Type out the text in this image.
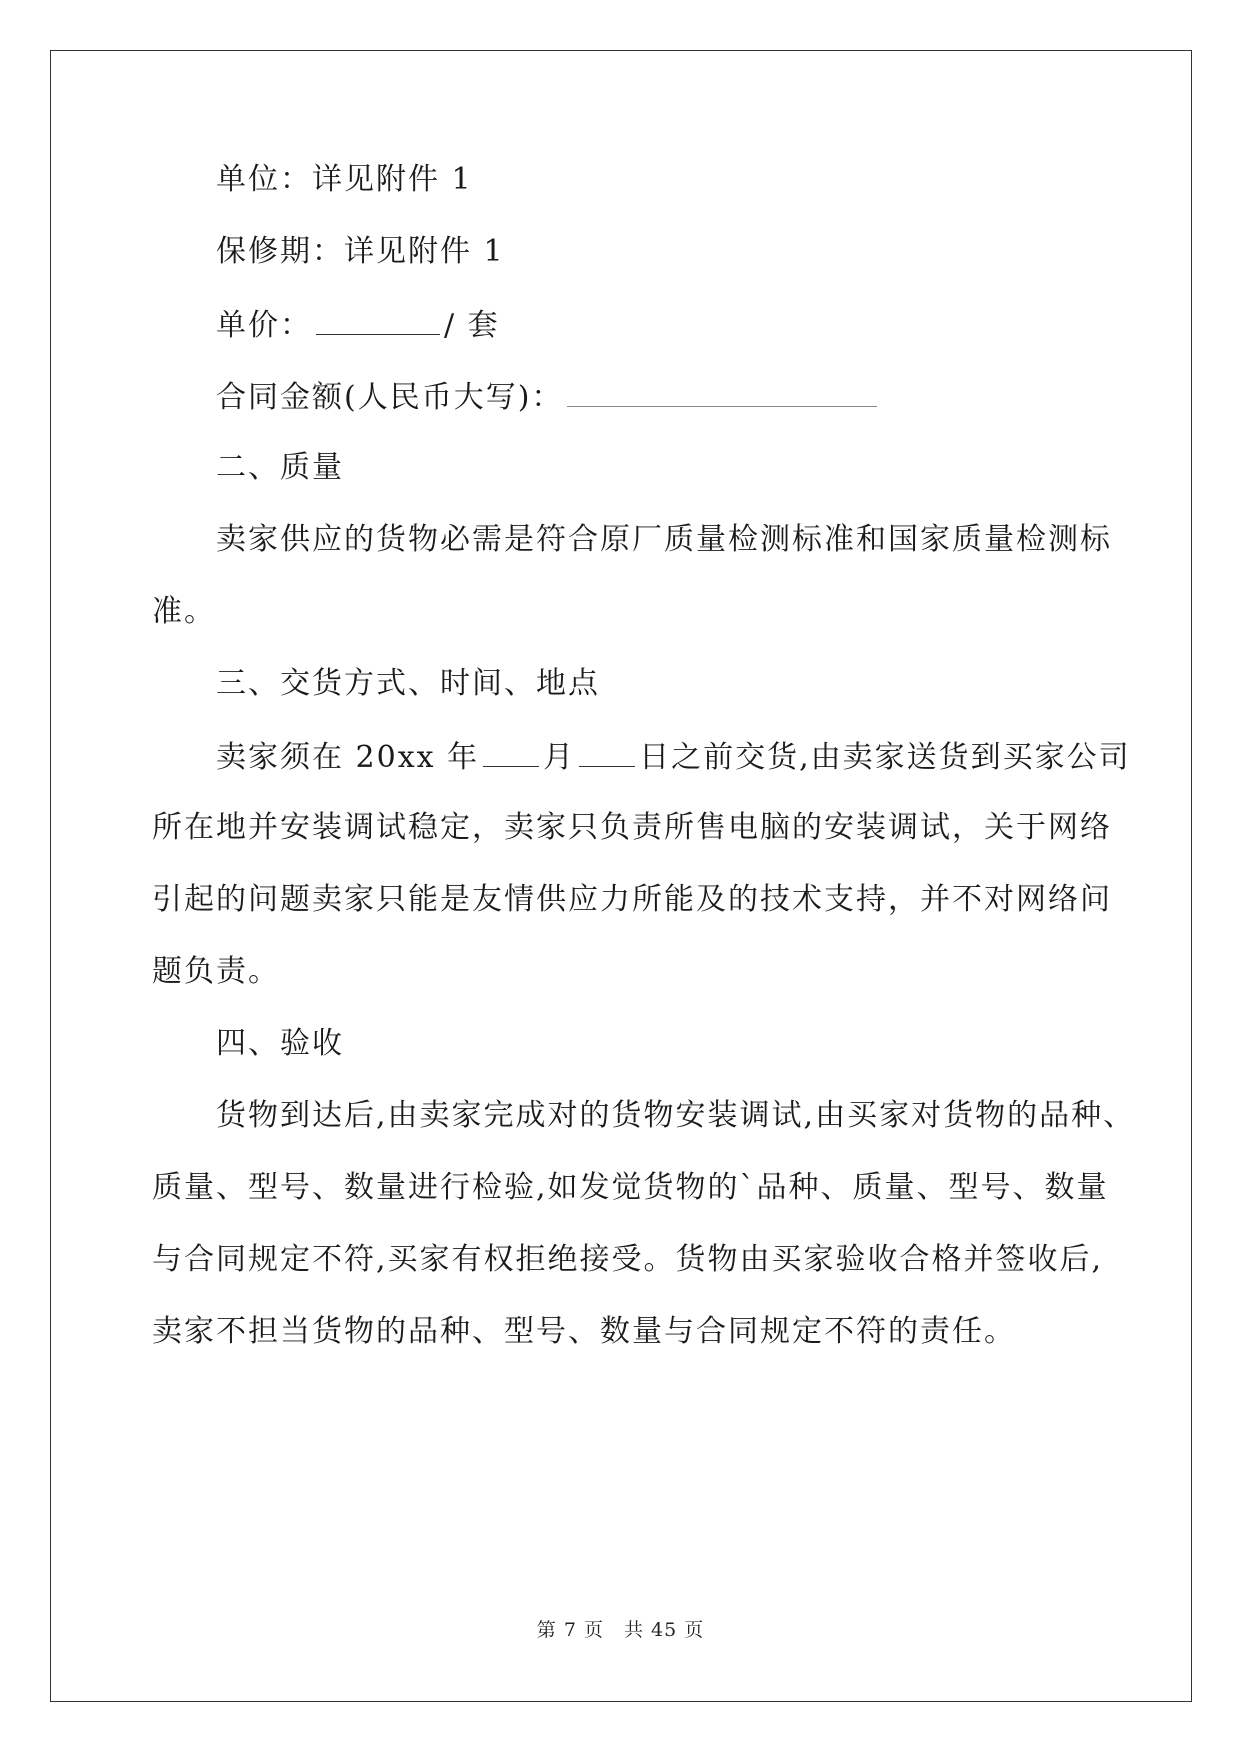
单位：详见附件 1
保修期：详见附件 1
单价：	/ 套
合同金额(人民币大写)：
二、质量
卖家供应的货物必需是符合原厂质量检测标准和国家质量检测标
准。
三、交货方式、时间、地点
卖家须在 20xx 年 月 日之前交货,由卖家送货到买家公司
所在地并安装调试稳定，卖家只负责所售电脑的安装调试，关于网络
引起的问题卖家只能是友情供应力所能及的技术支持，并不对网络问
题负责。
四、验收
货物到达后,由卖家完成对的货物安装调试,由买家对货物的品种、
质量、型号、数量进行检验,如发觉货物的`品种、质量、型号、数量
与合同规定不符,买家有权拒绝接受。货物由买家验收合格并签收后,
卖家不担当货物的品种、型号、数量与合同规定不符的责任。
第 7 页　共 45 页
